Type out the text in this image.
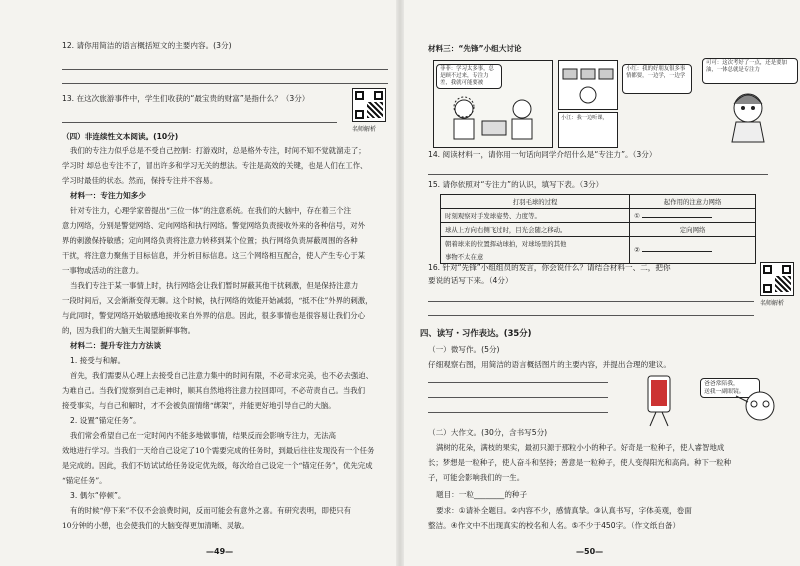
12. 请你用简洁的语言概括短文的主要内容。(3分)
13. 在这次旅游事件中，学生们收获的“最宝贵的财富”是指什么？（3分）
名师解析
（四）非连续性文本阅读。(10分)
我们的专注力似乎总是不受自己控制：打游戏时，总是格外专注，时间不知不觉就溜走了；
学习时 却总也专注不了，冒出许多和学习无关的想法。专注是高效的关键，也是人们在工作、
学习时最佳的状态。然而，保持专注并不容易。
材料一：专注力知多少
针对专注力，心理学家曾提出“三位一体”的注意系统。在我们的大脑中，存在着三个注
意力网络，分别是警觉网络、定向网络和执行网络。警觉网络负责接收外来的各种信号，对外
界的刺激保持敏感；定向网络负责将注意力转移到某个位置；执行网络负责屏蔽周围的各种
干扰，将注意力聚焦于目标信息，并分析目标信息。这三个网络相互配合，使人产生专心于某
一事物或活动的注意力。
当我们专注于某一事情上时，执行网络会让我们暂时屏蔽其他干扰刺激，但是保持注意力
一段时间后，又会渐渐变得无聊。这个时候，执行网络的效能开始减弱，“抵不住”外界的刺激，
与此同时，警觉网络开始敏感地接收来自外界的信息。因此，很多事情也是很容易让我们分心
的，因为我们的大脑天生渴望新鲜事物。
材料二：提升专注力方法谈
1. 接受与和解。
首先，我们需要从心理上去接受自己注意力集中的时间有限，不必苛求完美，也不必去强迫、
为难自己。当我们觉察到自己走神时，顺其自然地将注意力拉回即可，不必苛责自己。当我们
接受事实，与自己和解时，才不会被负面情绪“绑架”，并能更好地引导自己的大脑。
2. 设置“锚定任务”。
我们常会希望自己在一定时间内不能多地做事情，结果反而会影响专注力，无法高
效地进行学习。当我们一天给自己设定了10个需要完成的任务时，到最后往往发现没有一个任务
是完成的。因此，我们不妨试试给任务设定优先级，每次给自己设定一个“锚定任务”，优先完成
“锚定任务”。
3. 偶尔“停顿”。
有的时候“停下来”不仅不会浪费时间，反而可能会有意外之喜。有研究表明，即使只有
10分钟的小憩，也会使我们的大脑变得更加清晰、灵敏。
—49—
材料三：“先锋”小组大讨论
菲菲：学习太多事，总是顾不过来，专注力差，我就可能要被
小江：我一边听课，
小红：我的好朋友很多事情都要，一边学，一边学
可可：这次考好了一点，还是要加油，一体总就是专注力
14. 阅读材料一，请你用一句话向同学介绍什么是“专注力”。（3分）
15. 请你依照对“专注力”的认识，填写下表。（3分）
打羽毛球的过程	起作用的注意力网络
时刻观察对手发球姿势、力度等。	①
球从上方向右侧飞过时，目光会随之移动。	定向网络
朝着球来的位置挥动球拍，对球场里的其他	②
事物不太在意	
16. 针对“先锋”小组组员的发言，你会说什么？请结合材料一、二，把你
要说的话写下来。（4分）
名师解析
四、读写・习作表达。(35分)
（一）微写作。(5分)
仔细观察右图，用简洁的语言概括图片的主要内容，并提出合理的建议。
爸爸常陪我，
送我一副眼镜。
（二）大作文。(30分，含书写5分)
满树的花朵，满枝的果实，最初只源于那粒小小的种子。好奇是一粒种子，使人睿智地成
长；梦想是一粒种子，使人奋斗和坚持；善意是一粒种子，使人变得阳光和高尚。种下一粒种
子，可能会影响我们的一生。
题目：一粒________的种子
要求：①请补全题目。②内容不少，感情真挚。③认真书写，字体美观，卷面
整洁。④作文中不出现真实的校名和人名。⑤不少于450字。（作文纸自备）
—50—
